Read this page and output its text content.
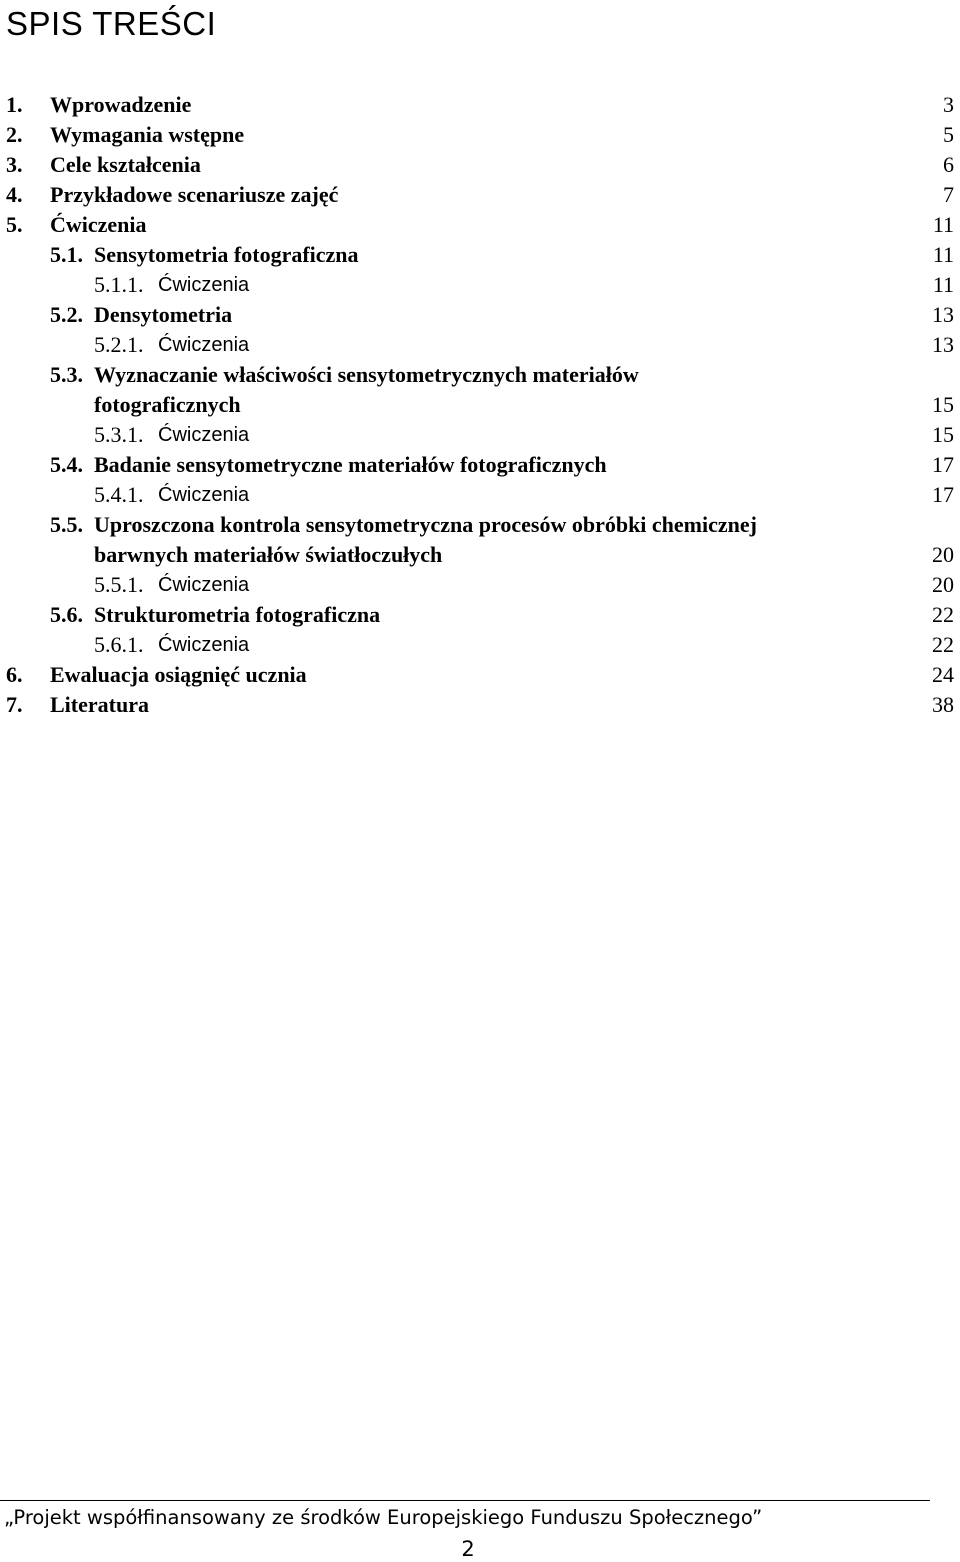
SPIS TREŚCI
1. Wprowadzenie	3
2. Wymagania wstępne	5
3. Cele kształcenia	6
4. Przykładowe scenariusze zajęć	7
5. Ćwiczenia	11
5.1. Sensytometria fotograficzna	11
5.1.1. Ćwiczenia	11
5.2. Densytometria	13
5.2.1. Ćwiczenia	13
5.3. Wyznaczanie właściwości sensytometrycznych materiałów
fotograficznych	15
5.3.1. Ćwiczenia	15
5.4. Badanie sensytometryczne materiałów fotograficznych	17
5.4.1. Ćwiczenia	17
5.5. Uproszczona kontrola sensytometryczna procesów obróbki chemicznej
barwnych materiałów światłoczułych	20
5.5.1. Ćwiczenia	20
5.6. Strukturometria fotograficzna	22
5.6.1. Ćwiczenia	22
6. Ewaluacja osiągnięć ucznia	24
7. Literatura	38
„Projekt współfinansowany ze środków Europejskiego Funduszu Społecznego”
2
